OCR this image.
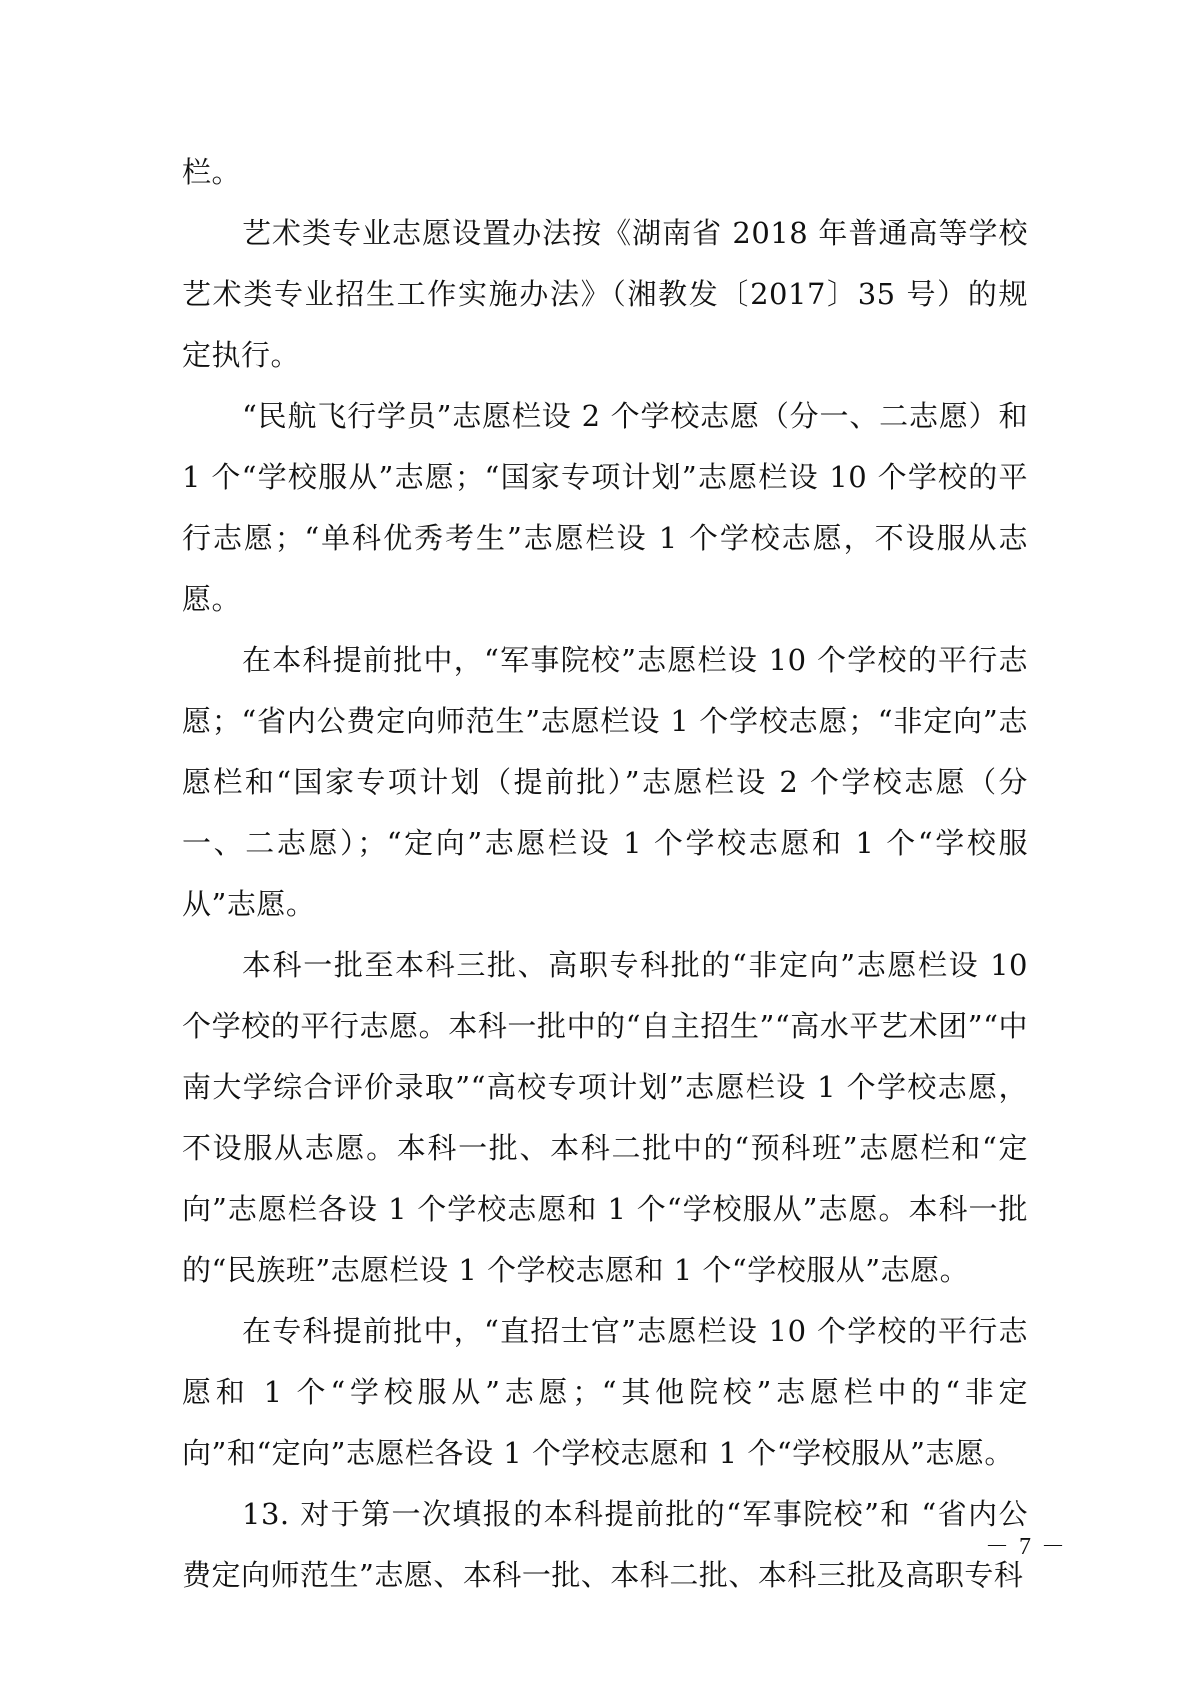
栏。

艺术类专业志愿设置办法按《湖南省 2018 年普通高等学校艺术类专业招生工作实施办法》（湘教发〔2017〕35 号）的规定执行。

“民航飞行学员”志愿栏设 2 个学校志愿（分一、二志愿）和 1 个“学校服从”志愿；“国家专项计划”志愿栏设 10 个学校的平行志愿；“单科优秀考生”志愿栏设 1 个学校志愿，不设服从志愿。

在本科提前批中，“军事院校”志愿栏设 10 个学校的平行志愿；“省内公费定向师范生”志愿栏设 1 个学校志愿；“非定向”志愿栏和“国家专项计划（提前批）”志愿栏设 2 个学校志愿（分一、二志愿）；“定向”志愿栏设 1 个学校志愿和 1 个“学校服从”志愿。

本科一批至本科三批、高职专科批的“非定向”志愿栏设 10 个学校的平行志愿。本科一批中的“自主招生”“高水平艺术团”“中南大学综合评价录取”“高校专项计划”志愿栏设 1 个学校志愿，不设服从志愿。本科一批、本科二批中的“预科班”志愿栏和“定向”志愿栏各设 1 个学校志愿和 1 个“学校服从”志愿。本科一批的“民族班”志愿栏设 1 个学校志愿和 1 个“学校服从”志愿。

在专科提前批中，“直招士官”志愿栏设 10 个学校的平行志愿和 1 个“学校服从”志愿；“其他院校”志愿栏中的“非定向”和“定向”志愿栏各设 1 个学校志愿和 1 个“学校服从”志愿。

13. 对于第一次填报的本科提前批的“军事院校”和 “省内公费定向师范生”志愿、本科一批、本科二批、本科三批及高职专科

－ 7 －
